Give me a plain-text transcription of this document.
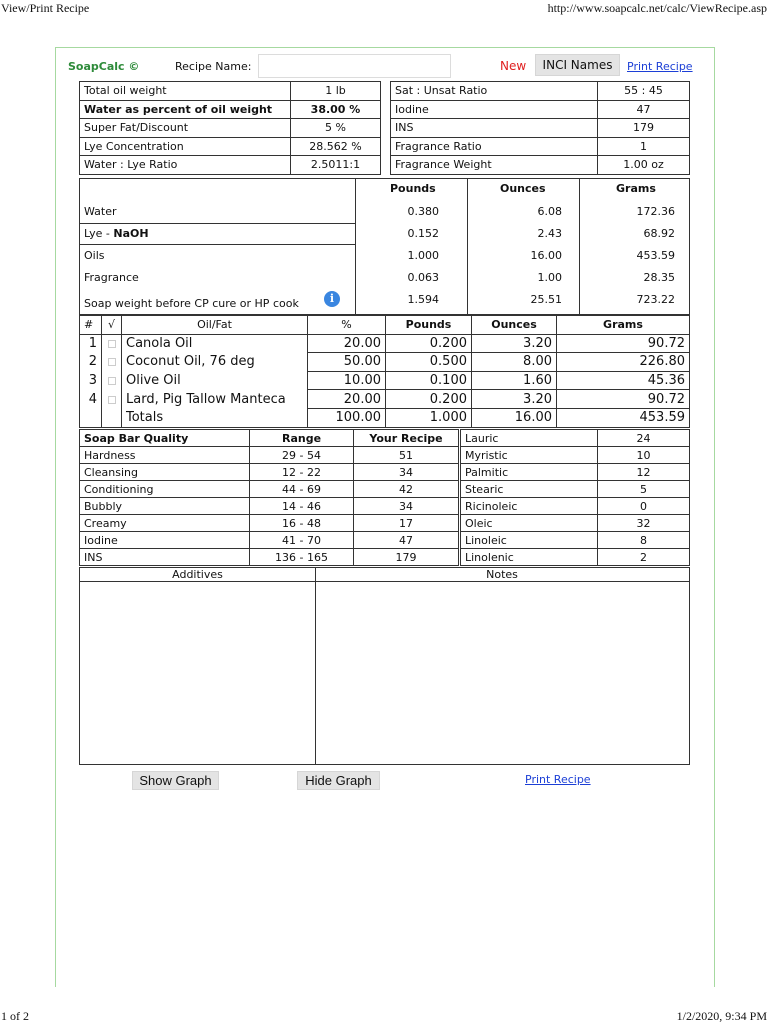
View/Print Recipe	http://www.soapcalc.net/calc/ViewRecipe.asp
1 of 2	1/2/2020, 9:34 PM
SoapCalc ©	Recipe Name:	New	INCI Names	Print Recipe
Total oil weight	1 lb
Water as percent of oil weight	38.00 %
Super Fat/Discount	5 %
Lye Concentration	28.562 %
Water : Lye Ratio	2.5011:1
Sat : Unsat Ratio	55 : 45
Iodine	47
INS	179
Fragrance Ratio	1
Fragrance Weight	1.00 oz
Pounds	Ounces	Grams
Water	0.380	6.08	172.36
Lye - NaOH	0.152	2.43	68.92
Oils	1.000	16.00	453.59
Fragrance	0.063	1.00	28.35
Soap weight before CP cure or HP cook	i	1.594	25.51	723.22
#	√	Oil/Fat	%	Pounds	Ounces	Grams
1		Canola Oil	20.00	0.200	3.20	90.72
2		Coconut Oil, 76 deg	50.00	0.500	8.00	226.80
3		Olive Oil	10.00	0.100	1.60	45.36
4		Lard, Pig Tallow Manteca	20.00	0.200	3.20	90.72
		Totals	100.00	1.000	16.00	453.59
Soap Bar Quality	Range	Your Recipe
Hardness	29 - 54	51
Cleansing	12 - 22	34
Conditioning	44 - 69	42
Bubbly	14 - 46	34
Creamy	16 - 48	17
Iodine	41 - 70	47
INS	136 - 165	179
Lauric	24
Myristic	10
Palmitic	12
Stearic	5
Ricinoleic	0
Oleic	32
Linoleic	8
Linolenic	2
Additives	Notes
Show Graph	Hide Graph	Print Recipe
